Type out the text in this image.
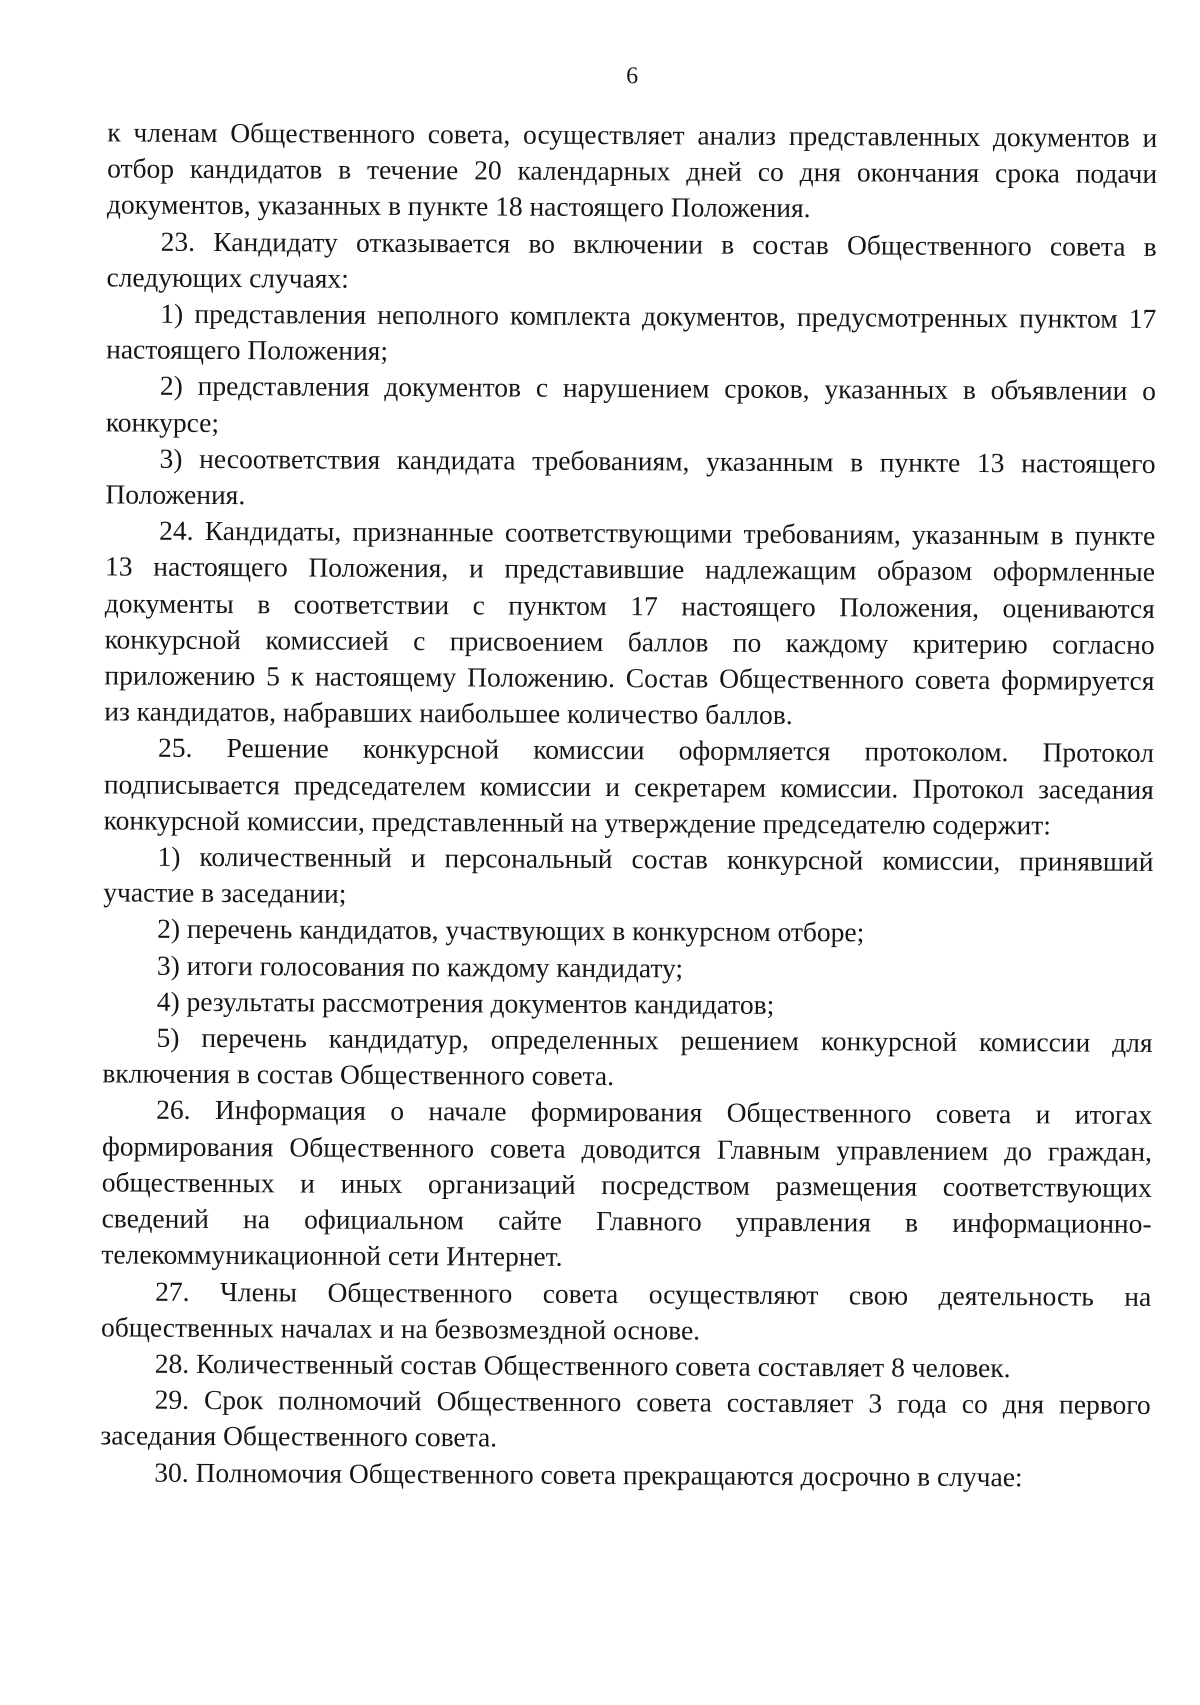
6

к членам Общественного совета, осуществляет анализ представленных документов и отбор кандидатов в течение 20 календарных дней со дня окончания срока подачи документов, указанных в пункте 18 настоящего Положения.

23. Кандидату отказывается во включении в состав Общественного совета в следующих случаях:

1) представления неполного комплекта документов, предусмотренных пунктом 17 настоящего Положения;

2) представления документов с нарушением сроков, указанных в объявлении о конкурсе;

3) несоответствия кандидата требованиям, указанным в пункте 13 настоящего Положения.

24. Кандидаты, признанные соответствующими требованиям, указанным в пункте 13 настоящего Положения, и представившие надлежащим образом оформленные документы в соответствии с пунктом 17 настоящего Положения, оцениваются конкурсной комиссией с присвоением баллов по каждому критерию согласно приложению 5 к настоящему Положению. Состав Общественного совета формируется из кандидатов, набравших наибольшее количество баллов.

25. Решение конкурсной комиссии оформляется протоколом. Протокол подписывается председателем комиссии и секретарем комиссии. Протокол заседания конкурсной комиссии, представленный на утверждение председателю содержит:

1) количественный и персональный состав конкурсной комиссии, принявший участие в заседании;

2) перечень кандидатов, участвующих в конкурсном отборе;

3) итоги голосования по каждому кандидату;

4) результаты рассмотрения документов кандидатов;

5) перечень кандидатур, определенных решением конкурсной комиссии для включения в состав Общественного совета.

26. Информация о начале формирования Общественного совета и итогах формирования Общественного совета доводится Главным управлением до граждан, общественных и иных организаций посредством размещения соответствующих сведений на официальном сайте Главного управления в информационно-телекоммуникационной сети Интернет.

27. Члены Общественного совета осуществляют свою деятельность на общественных началах и на безвозмездной основе.

28. Количественный состав Общественного совета составляет 8 человек.

29. Срок полномочий Общественного совета составляет 3 года со дня первого заседания Общественного совета.

30. Полномочия Общественного совета прекращаются досрочно в случае:
